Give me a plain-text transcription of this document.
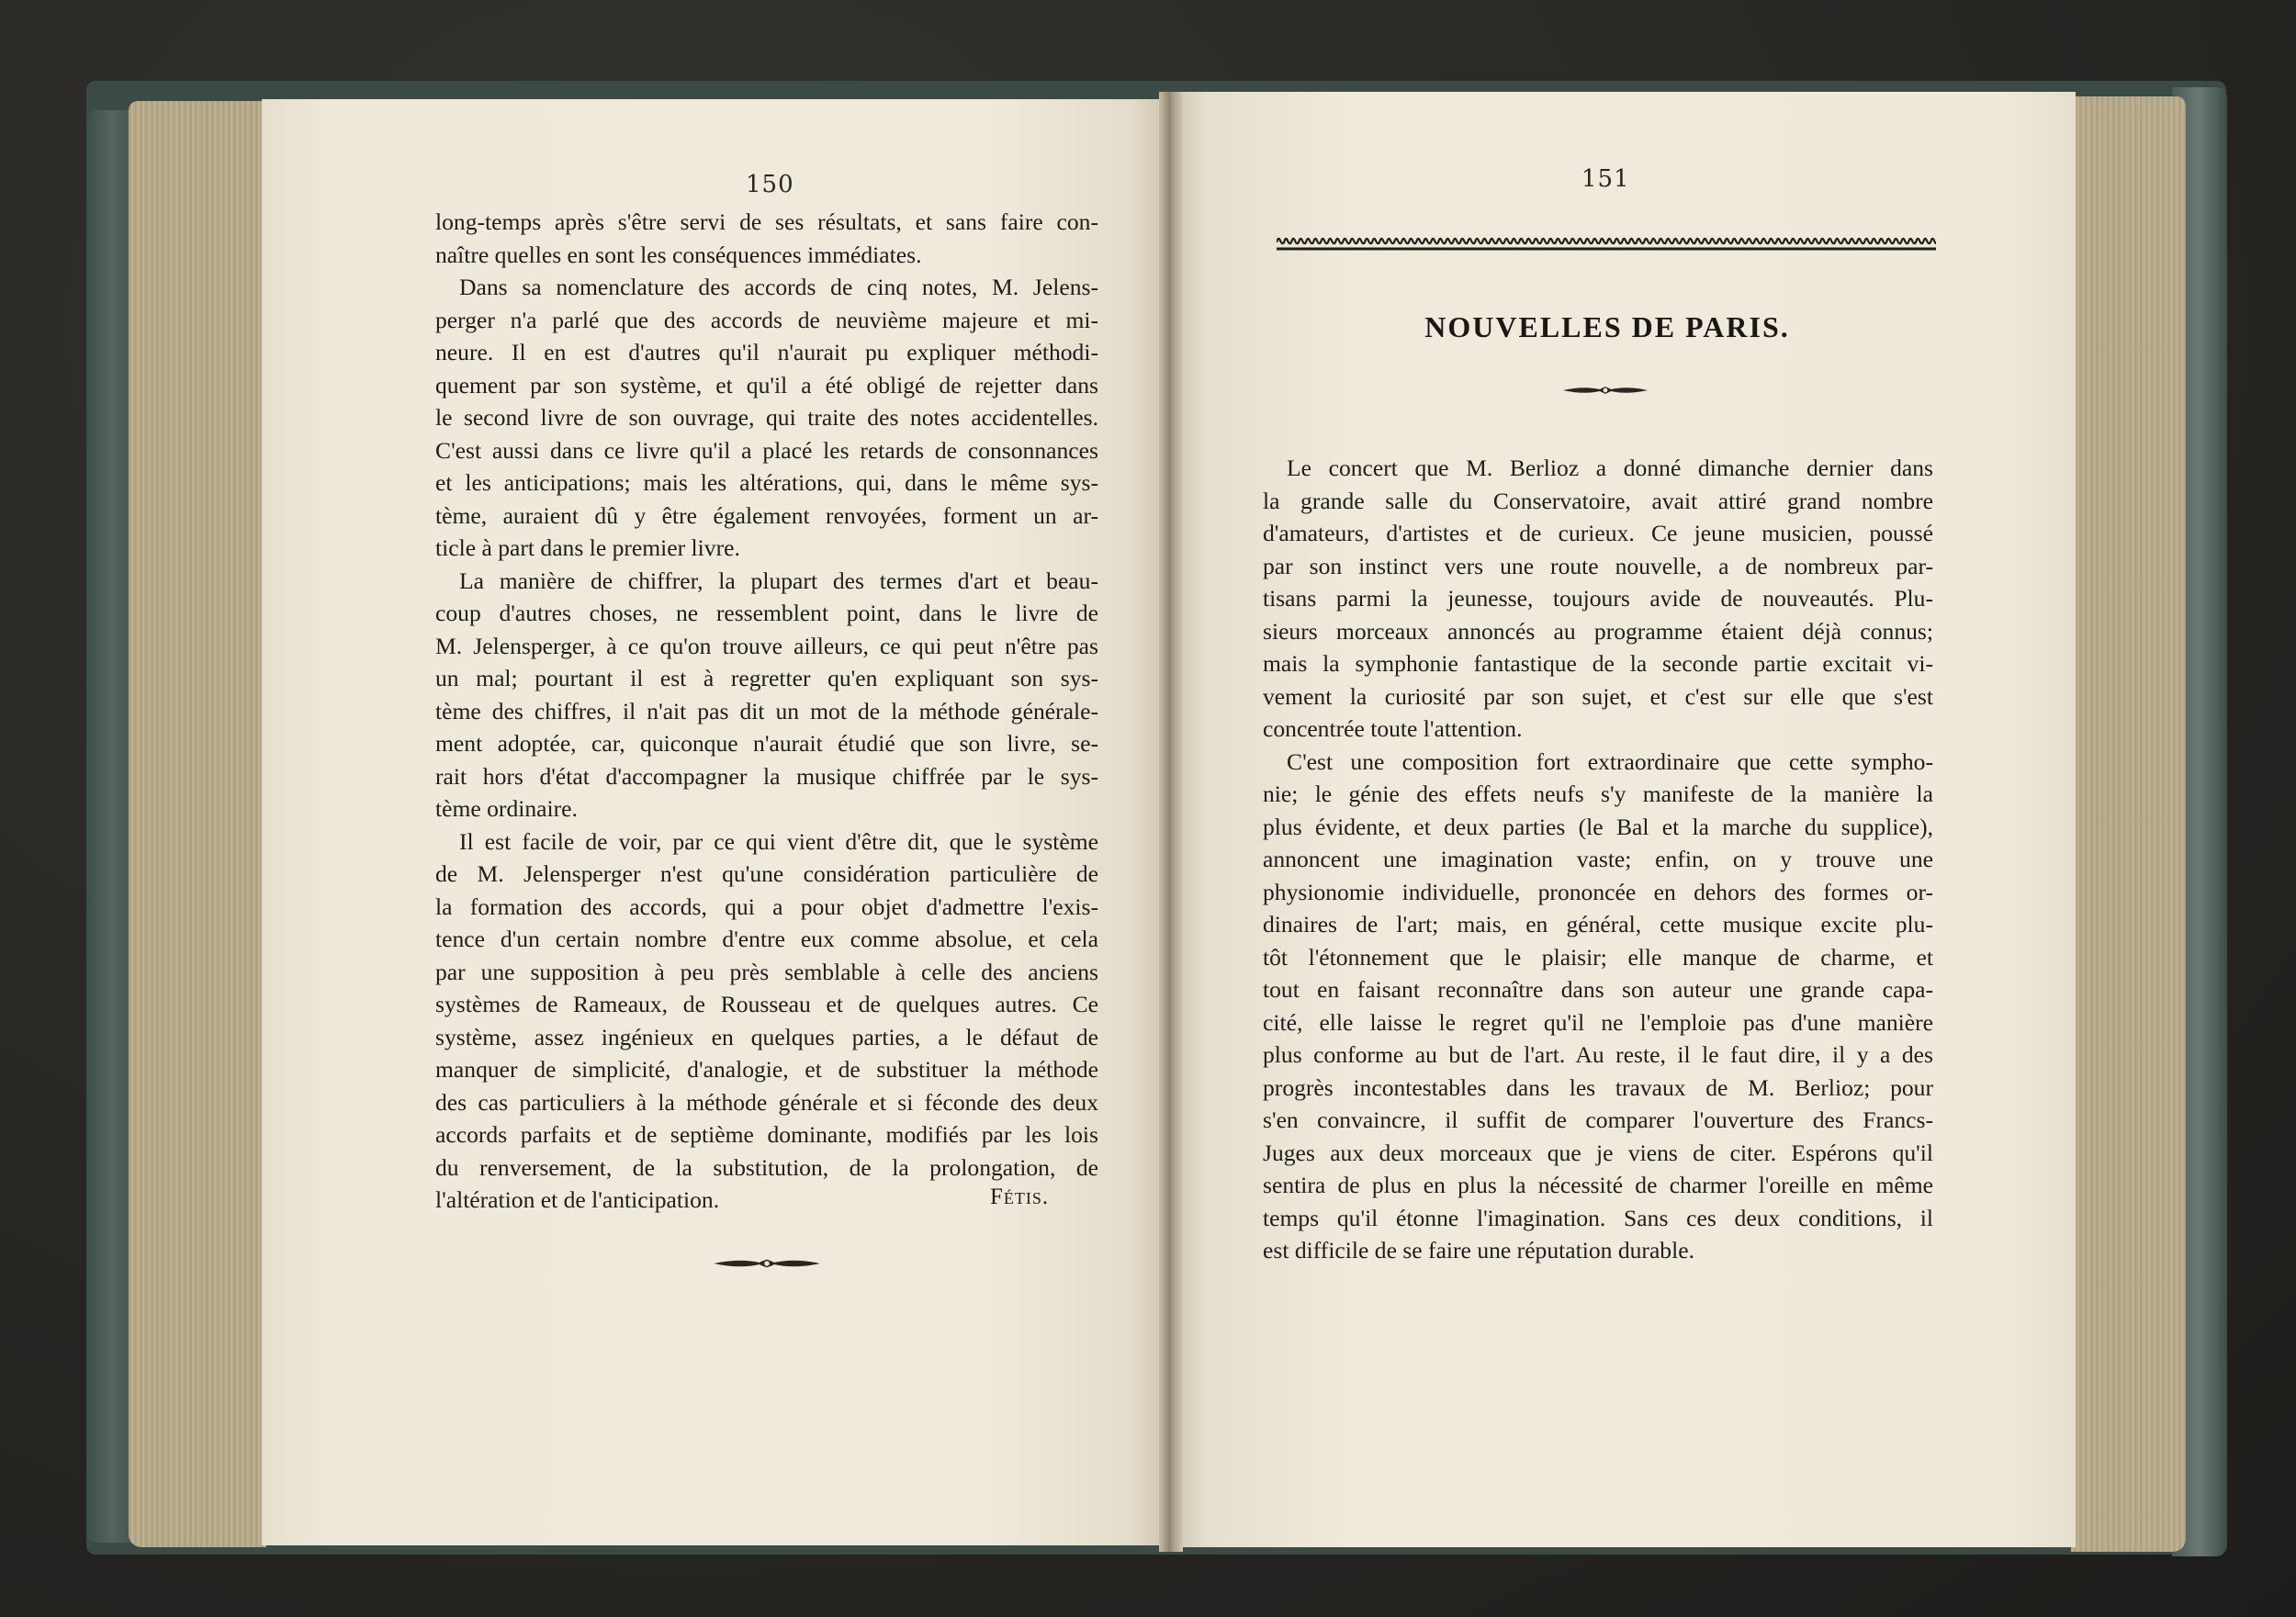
150

long-temps après s'être servi de ses résultats, et sans faire con-

naître quelles en sont les conséquences immédiates.

Dans sa nomenclature des accords de cinq notes, M. Jelens-

perger n'a parlé que des accords de neuvième majeure et mi-

neure. Il en est d'autres qu'il n'aurait pu expliquer méthodi-

quement par son système, et qu'il a été obligé de rejetter dans

le second livre de son ouvrage, qui traite des notes accidentelles.

C'est aussi dans ce livre qu'il a placé les retards de consonnances

et les anticipations; mais les altérations, qui, dans le même sys-

tème, auraient dû y être également renvoyées, forment un ar-

ticle à part dans le premier livre.

La manière de chiffrer, la plupart des termes d'art et beau-

coup d'autres choses, ne ressemblent point, dans le livre de

M. Jelensperger, à ce qu'on trouve ailleurs, ce qui peut n'être pas

un mal; pourtant il est à regretter qu'en expliquant son sys-

tème des chiffres, il n'ait pas dit un mot de la méthode générale-

ment adoptée, car, quiconque n'aurait étudié que son livre, se-

rait hors d'état d'accompagner la musique chiffrée par le sys-

tème ordinaire.

Il est facile de voir, par ce qui vient d'être dit, que le système

de M. Jelensperger n'est qu'une considération particulière de

la formation des accords, qui a pour objet d'admettre l'exis-

tence d'un certain nombre d'entre eux comme absolue, et cela

par une supposition à peu près semblable à celle des anciens

systèmes de Rameaux, de Rousseau et de quelques autres. Ce

système, assez ingénieux en quelques parties, a le défaut de

manquer de simplicité, d'analogie, et de substituer la méthode

des cas particuliers à la méthode générale et si féconde des deux

accords parfaits et de septième dominante, modifiés par les lois

du renversement, de la substitution, de la prolongation, de

l'altération et de l'anticipation.	Fétis.
151
NOUVELLES DE PARIS.

Le concert que M. Berlioz a donné dimanche dernier dans

la grande salle du Conservatoire, avait attiré grand nombre

d'amateurs, d'artistes et de curieux. Ce jeune musicien, poussé

par son instinct vers une route nouvelle, a de nombreux par-

tisans parmi la jeunesse, toujours avide de nouveautés. Plu-

sieurs morceaux annoncés au programme étaient déjà connus;

mais la symphonie fantastique de la seconde partie excitait vi-

vement la curiosité par son sujet, et c'est sur elle que s'est

concentrée toute l'attention.

C'est une composition fort extraordinaire que cette sympho-

nie; le génie des effets neufs s'y manifeste de la manière la

plus évidente, et deux parties (le Bal et la marche du supplice),

annoncent une imagination vaste; enfin, on y trouve une

physionomie individuelle, prononcée en dehors des formes or-

dinaires de l'art; mais, en général, cette musique excite plu-

tôt l'étonnement que le plaisir; elle manque de charme, et

tout en faisant reconnaître dans son auteur une grande capa-

cité, elle laisse le regret qu'il ne l'emploie pas d'une manière

plus conforme au but de l'art. Au reste, il le faut dire, il y a des

progrès incontestables dans les travaux de M. Berlioz; pour

s'en convaincre, il suffit de comparer l'ouverture des Francs-

Juges aux deux morceaux que je viens de citer. Espérons qu'il

sentira de plus en plus la nécessité de charmer l'oreille en même

temps qu'il étonne l'imagination. Sans ces deux conditions, il

est difficile de se faire une réputation durable.
